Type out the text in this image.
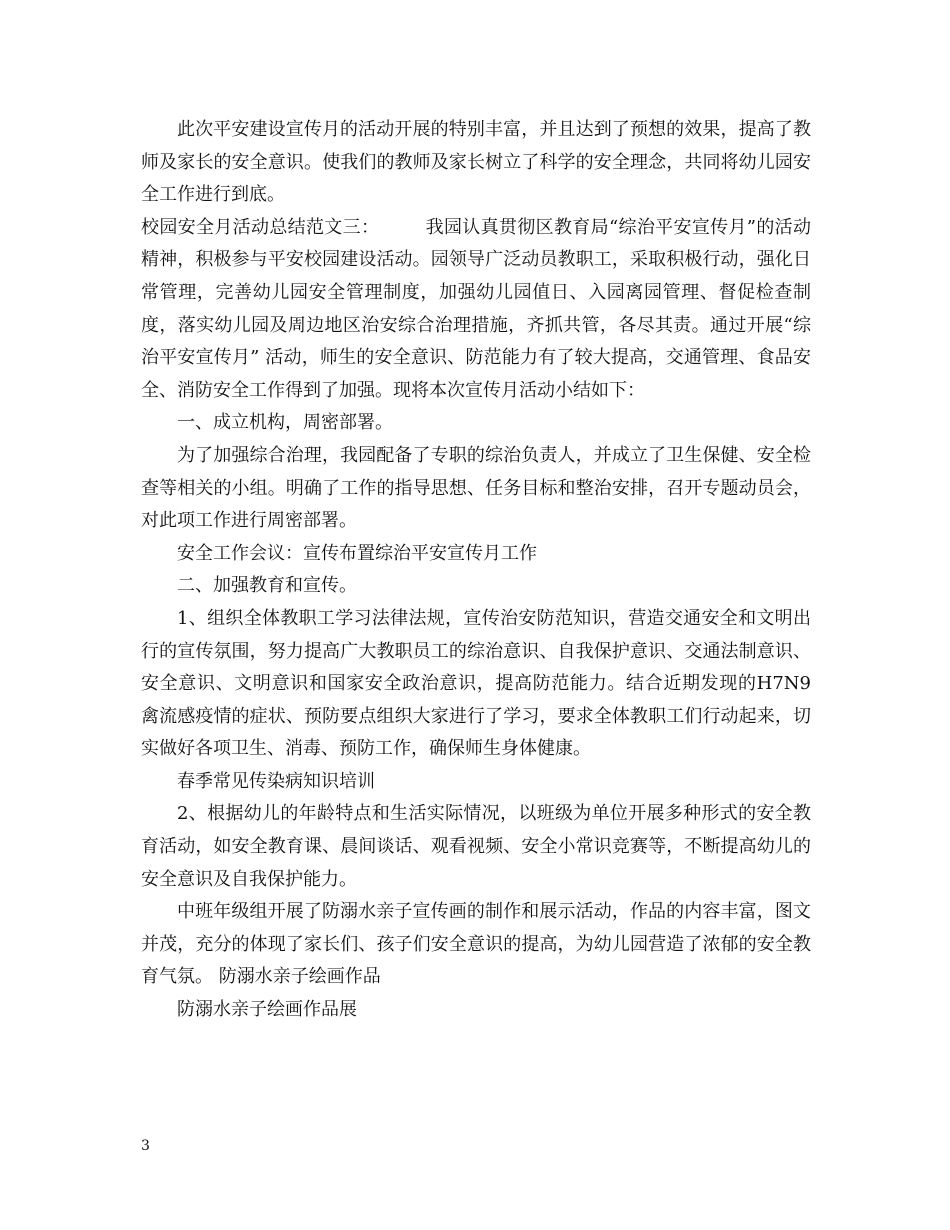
此次平安建设宣传月的活动开展的特别丰富，并且达到了预想的效果，提高了教师及家长的安全意识。使我们的教师及家长树立了科学的安全理念，共同将幼儿园安全工作进行到底。

校园安全月活动总结范文三：	我园认真贯彻区教育局“综治平安宣传月”的活动精神，积极参与平安校园建设活动。园领导广泛动员教职工，采取积极行动，强化日常管理，完善幼儿园安全管理制度，加强幼儿园值日、入园离园管理、督促检查制度，落实幼儿园及周边地区治安综合治理措施，齐抓共管，各尽其责。通过开展“综治平安宣传月” 活动，师生的安全意识、防范能力有了较大提高，交通管理、食品安全、消防安全工作得到了加强。现将本次宣传月活动小结如下：

一、成立机构，周密部署。

为了加强综合治理，我园配备了专职的综治负责人，并成立了卫生保健、安全检查等相关的小组。明确了工作的指导思想、任务目标和整治安排，召开专题动员会，对此项工作进行周密部署。

安全工作会议：宣传布置综治平安宣传月工作

二、加强教育和宣传。

1、组织全体教职工学习法律法规，宣传治安防范知识，营造交通安全和文明出行的宣传氛围，努力提高广大教职员工的综治意识、自我保护意识、交通法制意识、安全意识、文明意识和国家安全政治意识，提高防范能力。结合近期发现的H7N9 禽流感疫情的症状、预防要点组织大家进行了学习，要求全体教职工们行动起来，切实做好各项卫生、消毒、预防工作，确保师生身体健康。

春季常见传染病知识培训

2、根据幼儿的年龄特点和生活实际情况，以班级为单位开展多种形式的安全教育活动，如安全教育课、晨间谈话、观看视频、安全小常识竞赛等，不断提高幼儿的安全意识及自我保护能力。

中班年级组开展了防溺水亲子宣传画的制作和展示活动，作品的内容丰富，图文并茂，充分的体现了家长们、孩子们安全意识的提高，为幼儿园营造了浓郁的安全教育气氛。 防溺水亲子绘画作品

防溺水亲子绘画作品展

3
